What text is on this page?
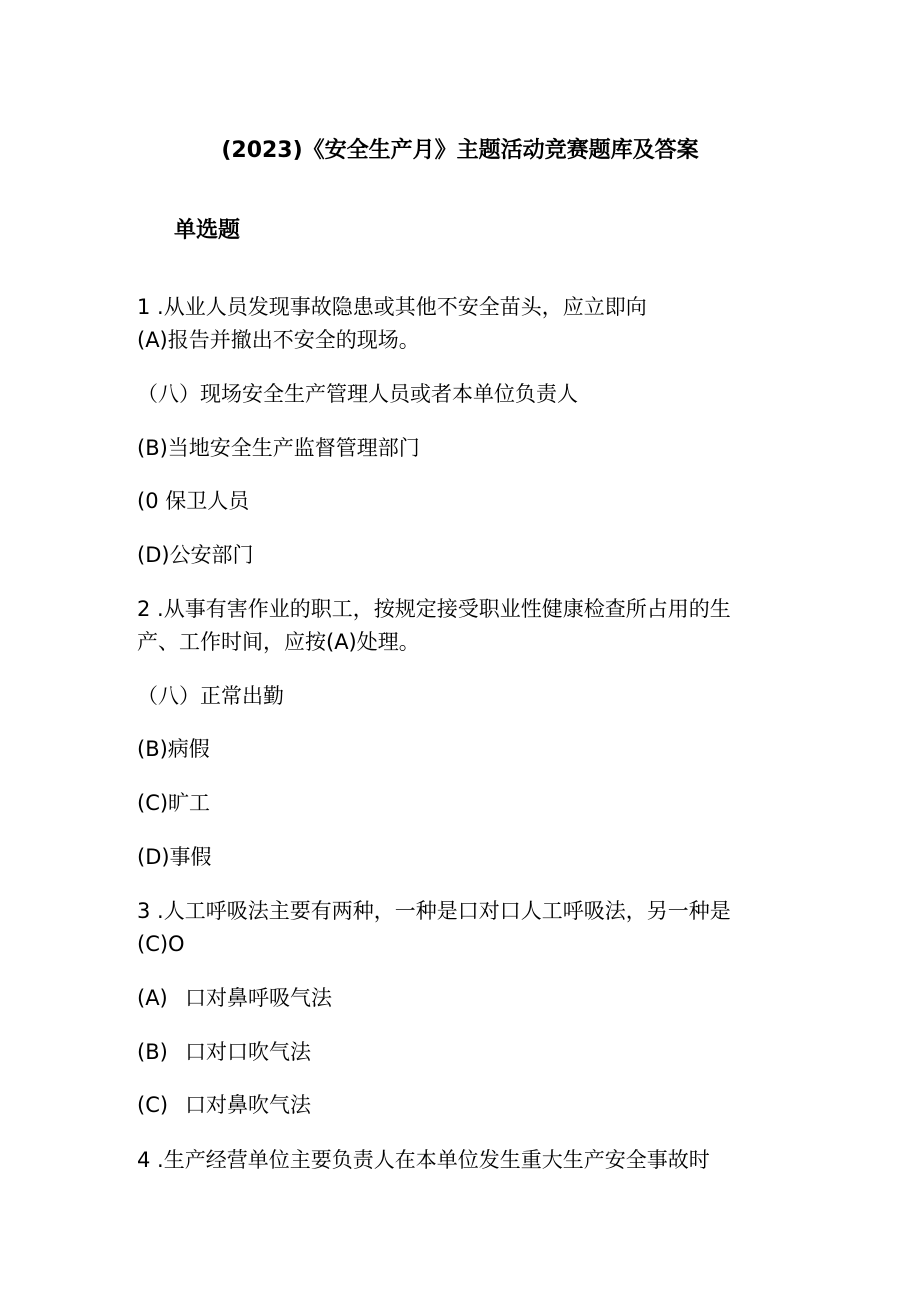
(2023)《安全生产月》主题活动竞赛题库及答案
单选题
1 .从业人员发现事故隐患或其他不安全苗头，应立即向
(A)报告并撤出不安全的现场。
（八）现场安全生产管理人员或者本单位负责人
(B)当地安全生产监督管理部门
(0 保卫人员
(D)公安部门
2 .从事有害作业的职工，按规定接受职业性健康检查所占用的生
产、工作时间，应按(A)处理。
（八）正常出勤
(B)病假
(C)旷工
(D)事假
3 .人工呼吸法主要有两种，一种是口对口人工呼吸法，另一种是
(C)O
(A) 口对鼻呼吸气法
(B) 口对口吹气法
(C) 口对鼻吹气法
4 .生产经营单位主要负责人在本单位发生重大生产安全事故时
